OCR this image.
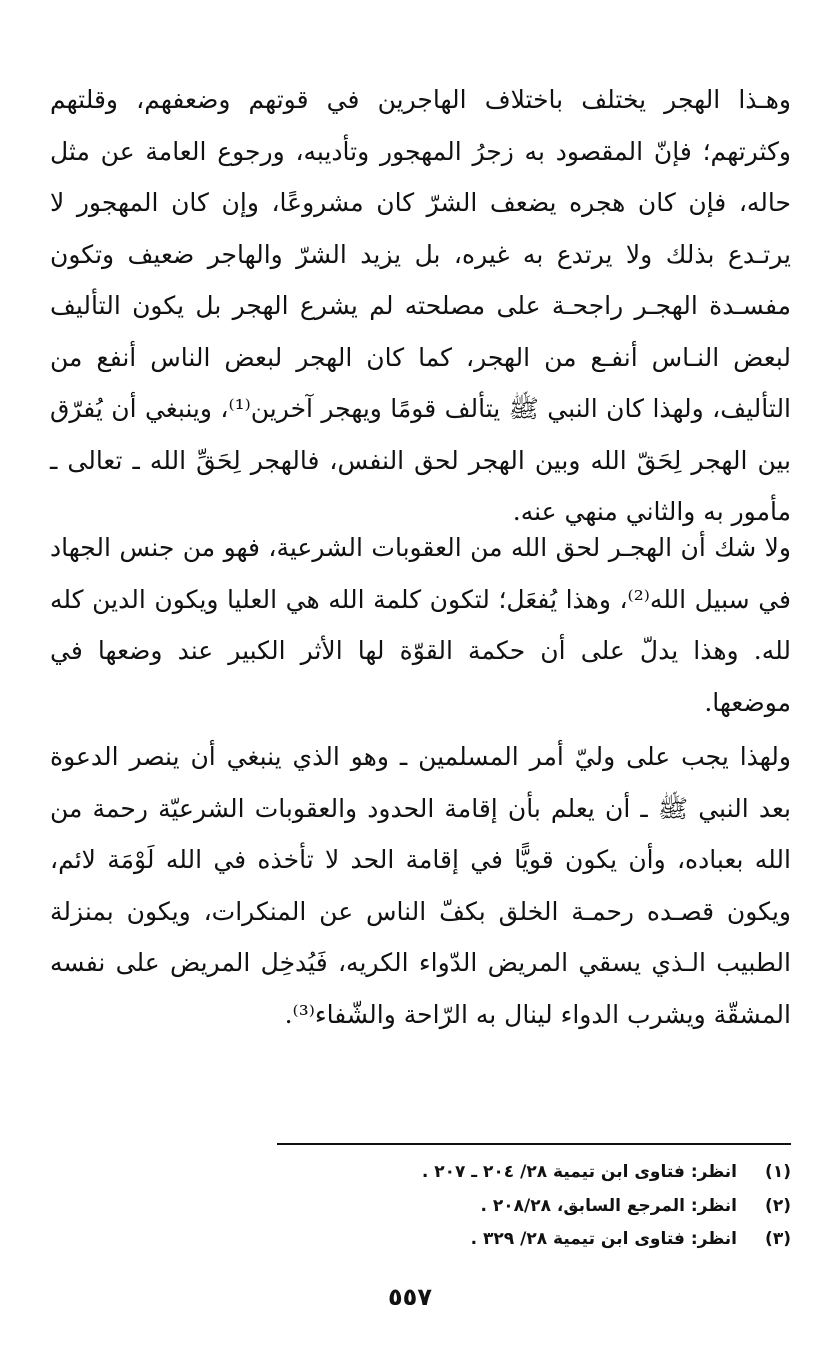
وهـذا الهجر يختلف باختلاف الهاجرين في قوتهم وضعفهم، وقلتهم وكثرتهم؛ فإنّ المقصود به زجرُ المهجور وتأديبه، ورجوع العامة عن مثل حاله، فإن كان هجره يضعف الشرّ كان مشروعًا، وإن كان المهجور لا يرتـدع بذلك ولا يرتدع به غيره، بل يزيد الشرّ والهاجر ضعيف وتكون مفسـدة الهجـر راجحـة على مصلحته لم يشرع الهجر بل يكون التأليف لبعض النـاس أنفـع من الهجر، كما كان الهجر لبعض الناس أنفع من التأليف، ولهذا كان النبي ﷺ يتألف قومًا ويهجر آخرين⁽¹⁾، وينبغي أن يُفرّق بين الهجر لِحَقّ الله وبين الهجر لحق النفس، فالهجر لِحَقِّ الله ـ تعالى ـ مأمور به والثاني منهي عنه.

ولا شك أن الهجـر لحق الله من العقوبات الشرعية، فهو من جنس الجهاد في سبيل الله⁽²⁾، وهذا يُفعَل؛ لتكون كلمة الله هي العليا ويكون الدين كله لله. وهذا يدلّ على أن حكمة القوّة لها الأثر الكبير عند وضعها في موضعها.

ولهذا يجب على وليّ أمر المسلمين ـ وهو الذي ينبغي أن ينصر الدعوة بعد النبي ﷺ ـ أن يعلم بأن إقامة الحدود والعقوبات الشرعيّة رحمة من الله بعباده، وأن يكون قويًّا في إقامة الحد لا تأخذه في الله لَوْمَة لائم، ويكون قصـده رحمـة الخلق بكفّ الناس عن المنكرات، ويكون بمنزلة الطبيب الـذي يسقي المريض الدّواء الكريه، فَيُدخِل المريض على نفسه المشقّة ويشرب الدواء لينال به الرّاحة والشّفاء⁽³⁾.

(١)انظر: فتاوى ابن تيمية ٢٨/ ٢٠٤ ـ ٢٠٧ .
(٢)انظر: المرجع السابق، ٢٠٨/٢٨ .
(٣)انظر: فتاوى ابن تيمية ٢٨/ ٣٢٩ .
٥٥٧
